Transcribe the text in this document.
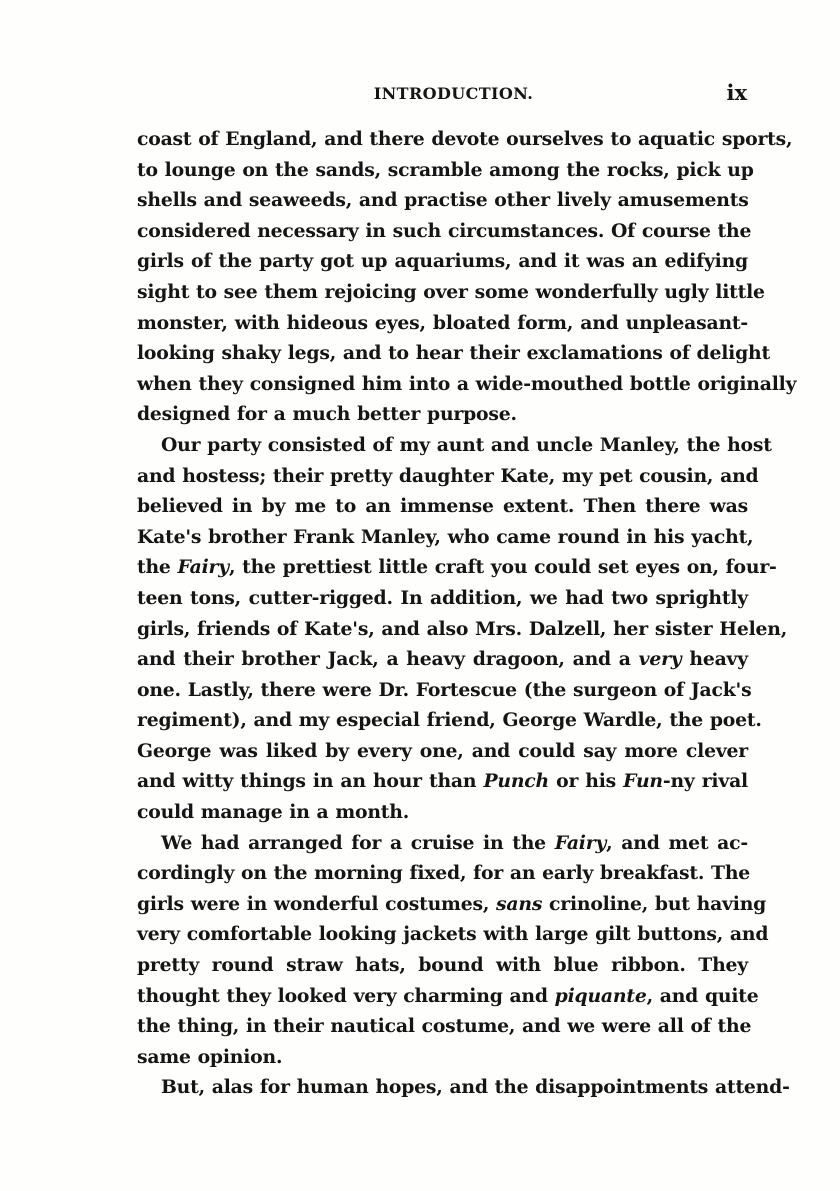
INTRODUCTION.	ix
coast of England, and there devote ourselves to aquatic sports,
to lounge on the sands, scramble among the rocks, pick up
shells and seaweeds, and practise other lively amusements
considered necessary in such circumstances. Of course the
girls of the party got up aquariums, and it was an edifying
sight to see them rejoicing over some wonderfully ugly little
monster, with hideous eyes, bloated form, and unpleasant-
looking shaky legs, and to hear their exclamations of delight
when they consigned him into a wide-mouthed bottle originally
designed for a much better purpose.
Our party consisted of my aunt and uncle Manley, the host
and hostess; their pretty daughter Kate, my pet cousin, and
believed in by me to an immense extent. Then there was
Kate's brother Frank Manley, who came round in his yacht,
the Fairy, the prettiest little craft you could set eyes on, four-
teen tons, cutter-rigged. In addition, we had two sprightly
girls, friends of Kate's, and also Mrs. Dalzell, her sister Helen,
and their brother Jack, a heavy dragoon, and a very heavy
one. Lastly, there were Dr. Fortescue (the surgeon of Jack's
regiment), and my especial friend, George Wardle, the poet.
George was liked by every one, and could say more clever
and witty things in an hour than Punch or his Fun-ny rival
could manage in a month.
We had arranged for a cruise in the Fairy, and met ac-
cordingly on the morning fixed, for an early breakfast. The
girls were in wonderful costumes, sans crinoline, but having
very comfortable looking jackets with large gilt buttons, and
pretty round straw hats, bound with blue ribbon. They
thought they looked very charming and piquante, and quite
the thing, in their nautical costume, and we were all of the
same opinion.
But, alas for human hopes, and the disappointments attend-
